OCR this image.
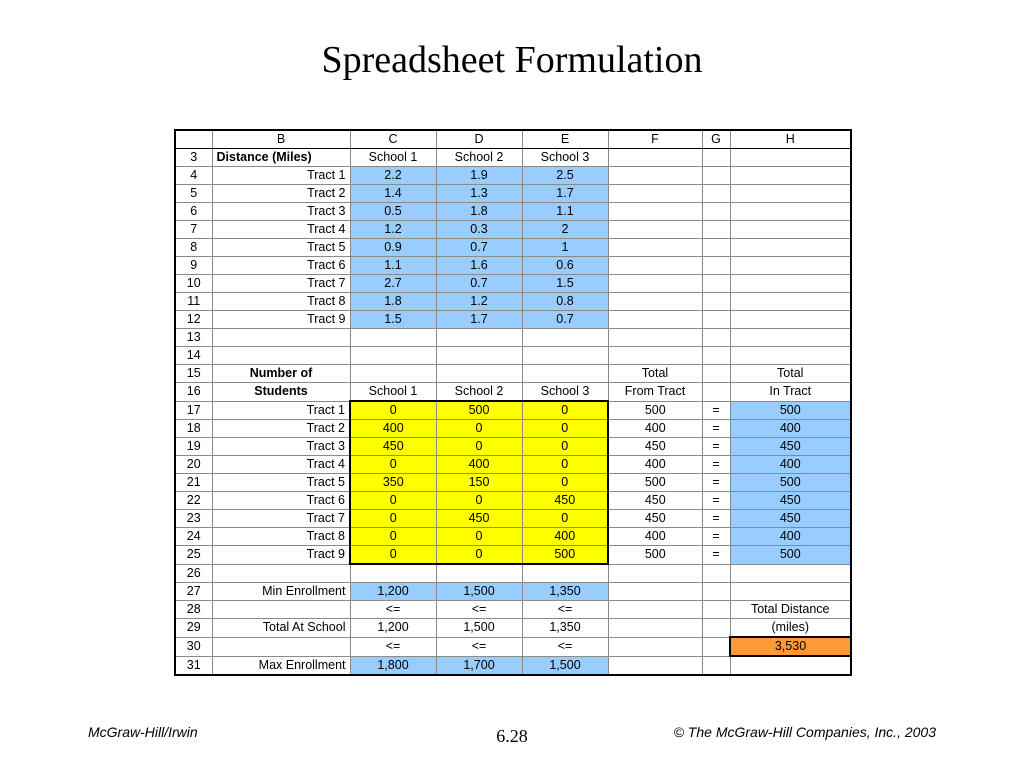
Spreadsheet Formulation
	B	C	D	E	F	G	H
3	Distance (Miles)	School 1	School 2	School 3			
4	Tract 1	2.2	1.9	2.5			
5	Tract 2	1.4	1.3	1.7			
6	Tract 3	0.5	1.8	1.1			
7	Tract 4	1.2	0.3	2			
8	Tract 5	0.9	0.7	1			
9	Tract 6	1.1	1.6	0.6			
10	Tract 7	2.7	0.7	1.5			
11	Tract 8	1.8	1.2	0.8			
12	Tract 9	1.5	1.7	0.7			
13							
14							
15	Number of				Total		Total
16	Students	School 1	School 2	School 3	From Tract		In Tract
17	Tract 1	0	500	0	500	=	500
18	Tract 2	400	0	0	400	=	400
19	Tract 3	450	0	0	450	=	450
20	Tract 4	0	400	0	400	=	400
21	Tract 5	350	150	0	500	=	500
22	Tract 6	0	0	450	450	=	450
23	Tract 7	0	450	0	450	=	450
24	Tract 8	0	0	400	400	=	400
25	Tract 9	0	0	500	500	=	500
26							
27	Min Enrollment	1,200	1,500	1,350			
28		<=	<=	<=			Total Distance
29	Total At School	1,200	1,500	1,350			(miles)
30		<=	<=	<=			3,530
31	Max Enrollment	1,800	1,700	1,500			
McGraw-Hill/Irwin	6.28	© The McGraw-Hill Companies, Inc., 2003
